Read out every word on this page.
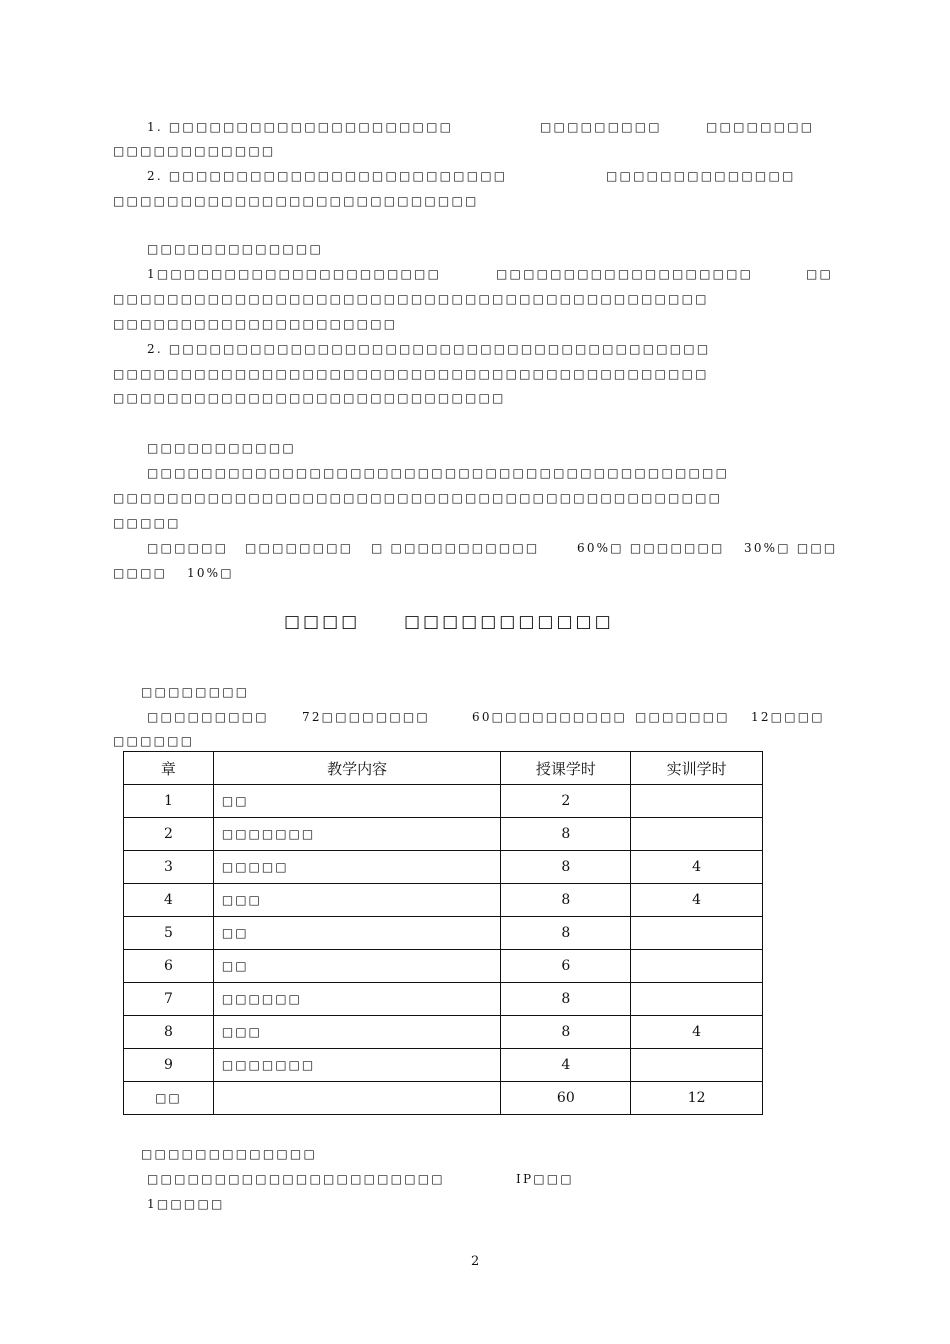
1. □□□□□□□□□□□□□□□□□□□□□	□□□□□□□□□	□□□□□□□□
□□□□□□□□□□□□
2. □□□□□□□□□□□□□□□□□□□□□□□□□	□□□□□□□□□□□□□□
□□□□□□□□□□□□□□□□□□□□□□□□□□□
□□□□□□□□□□□□□
1□□□□□□□□□□□□□□□□□□□□□	□□□□□□□□□□□□□□□□□□□	□□
□□□□□□□□□□□□□□□□□□□□□□□□□□□□□□□□□□□□□□□□□□□□
□□□□□□□□□□□□□□□□□□□□□
2. □□□□□□□□□□□□□□□□□□□□□□□□□□□□□□□□□□□□□□□□
□□□□□□□□□□□□□□□□□□□□□□□□□□□□□□□□□□□□□□□□□□□□
□□□□□□□□□□□□□□□□□□□□□□□□□□□□□
□□□□□□□□□□□
□□□□□□□□□□□□□□□□□□□□□□□□□□□□□□□□□□□□□□□□□□□
□□□□□□□□□□□□□□□□□□□□□□□□□□□□□□□□□□□□□□□□□□□□□
□□□□□
□□□□□□ □□□□□□□□ □ □□□□□□□□□□□	60%□ □□□□□□□ 30%□ □□□
□□□□ 10%□
□□□□	□□□□□□□□□□□
□□□□□□□□
□□□□□□□□□	72□□□□□□□□	60□□□□□□□□□□ □□□□□□□ 12□□□□
□□□□□□
章	教学内容	授课学时	实训学时
1	□□	2	
2	□□□□□□□	8	
3	□□□□□	8	4
4	□□□	8	4
5	□□	8	
6	□□	6	
7	□□□□□□	8	
8	□□□	8	4
9	□□□□□□□	4	
□□		60	12
□□□□□□□□□□□□□
□□□□□□□□□□□□□□□□□□□□□□	IP□□□
1□□□□□
2
